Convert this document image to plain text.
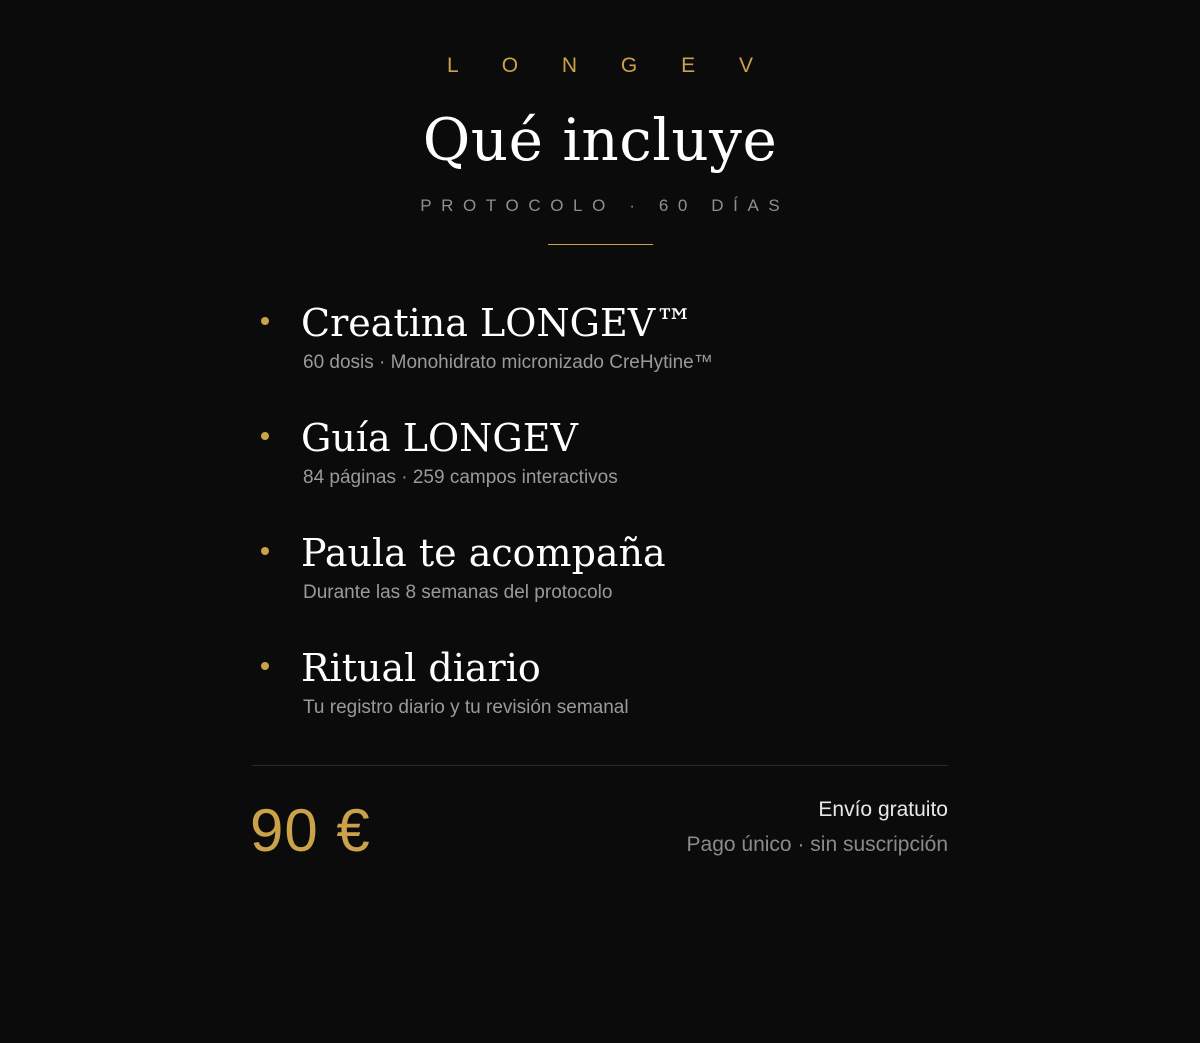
L O N G E V
Qué incluye
PROTOCOLO · 60 DÍAS
Creatina LONGEV™
60 dosis · Monohidrato micronizado CreHytine™
Guía LONGEV
84 páginas · 259 campos interactivos
Paula te acompaña
Durante las 8 semanas del protocolo
Ritual diario
Tu registro diario y tu revisión semanal
90 €	Envío gratuito
Pago único · sin suscripción
